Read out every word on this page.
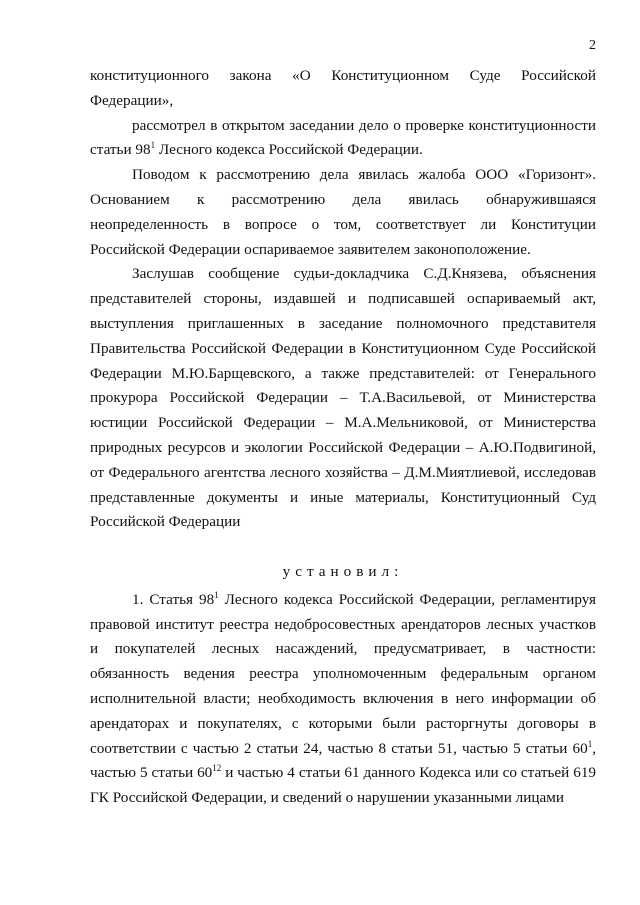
2

конституционного закона «О Конституционном Суде Российской Федерации»,

рассмотрел в открытом заседании дело о проверке конституционности статьи $98^1$ Лесного кодекса Российской Федерации.

Поводом к рассмотрению дела явилась жалоба ООО «Горизонт». Основанием к рассмотрению дела явилась обнаружившаяся неопределенность в вопросе о том, соответствует ли Конституции Российской Федерации оспариваемое заявителем законоположение.

Заслушав сообщение судьи-докладчика С.Д.Князева, объяснения представителей стороны, издавшей и подписавшей оспариваемый акт, выступления приглашенных в заседание полномочного представителя Правительства Российской Федерации в Конституционном Суде Российской Федерации М.Ю.Барщевского, а также представителей: от Генерального прокурора Российской Федерации – Т.А.Васильевой, от Министерства юстиции Российской Федерации – М.А.Мельниковой, от Министерства природных ресурсов и экологии Российской Федерации – А.Ю.Подвигиной, от Федерального агентства лесного хозяйства – Д.М.Миятлиевой, исследовав представленные документы и иные материалы, Конституционный Суд Российской Федерации

установил:

1. Статья $98^1$ Лесного кодекса Российской Федерации, регламентируя правовой институт реестра недобросовестных арендаторов лесных участков и покупателей лесных насаждений, предусматривает, в частности: обязанность ведения реестра уполномоченным федеральным органом исполнительной власти; необходимость включения в него информации об арендаторах и покупателях, с которыми были расторгнуты договоры в соответствии с частью 2 статьи 24, частью 8 статьи 51, частью 5 статьи $60^1$, частью 5 статьи $60^{12}$ и частью 4 статьи 61 данного Кодекса или со статьей 619 ГК Российской Федерации, и сведений о нарушении указанными лицами
